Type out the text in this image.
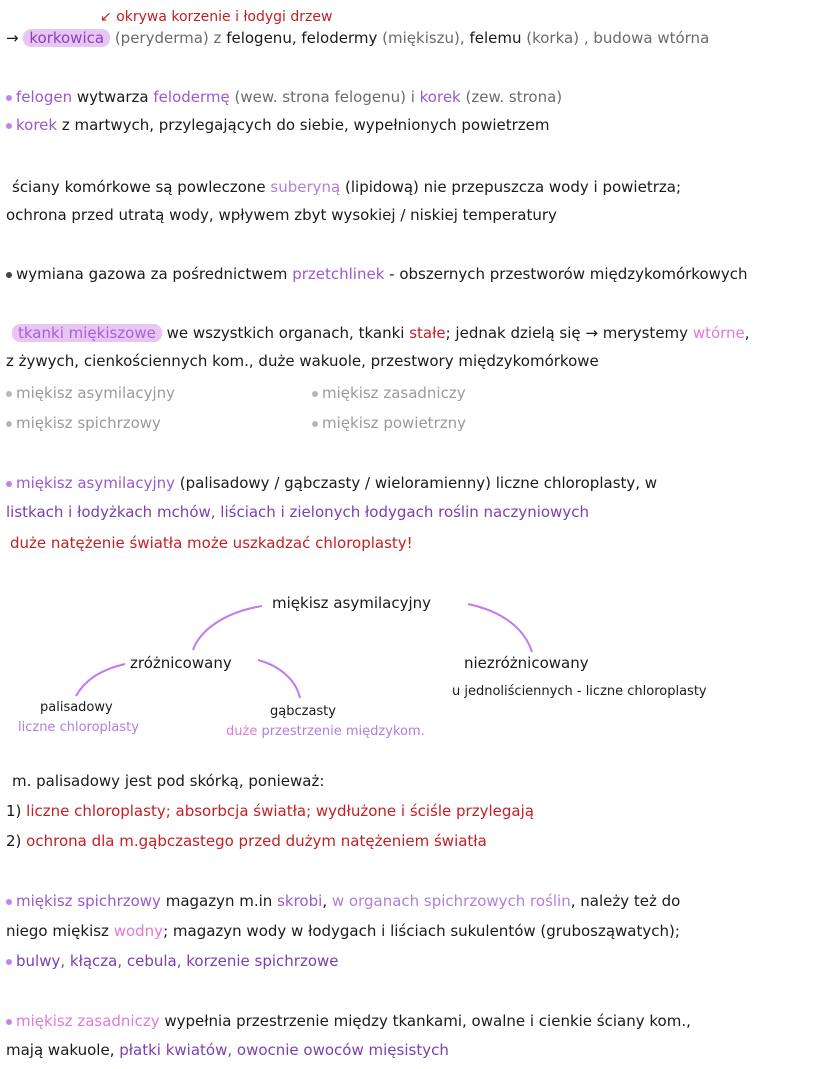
↙ okrywa korzenie i łodygi drzew
→ korkowica (peryderma) z felogenu, felodermy (miękiszu), felemu (korka) , budowa wtórna
felogen wytwarza felodermę (wew. strona felogenu) i korek (zew. strona)
korek z martwych, przylegających do siebie, wypełnionych powietrzem
ściany komórkowe są powleczone suberyną (lipidową) nie przepuszcza wody i powietrza;
ochrona przed utratą wody, wpływem zbyt wysokiej / niskiej temperatury
wymiana gazowa za pośrednictwem przetchlinek - obszernych przestworów międzykomórkowych
tkanki miękiszowe we wszystkich organach, tkanki stałe; jednak dzielą się → merystemy wtórne,
z żywych, cienkościennych kom., duże wakuole, przestwory międzykomórkowe
miękisz asymilacyjny	miękisz zasadniczy
miękisz spichrzowy	miękisz powietrzny
miękisz asymilacyjny (palisadowy / gąbczasty / wieloramienny) liczne chloroplasty, w
listkach i łodyżkach mchów, liściach i zielonych łodygach roślin naczyniowych
duże natężenie światła może uszkadzać chloroplasty!
miękisz asymilacyjny
zróżnicowany	niezróżnicowany
u jednoliściennych - liczne chloroplasty
palisadowy
liczne chloroplasty
gąbczasty
duże przestrzenie międzykom.
m. palisadowy jest pod skórką, ponieważ:
1) liczne chloroplasty; absorbcja światła; wydłużone i ściśle przylegają
2) ochrona dla m.gąbczastego przed dużym natężeniem światła
miękisz spichrzowy magazyn m.in skrobi, w organach spichrzowych roślin, należy też do
niego miękisz wodny; magazyn wody w łodygach i liściach sukulentów (grubosząwatych);
bulwy, kłącza, cebula, korzenie spichrzowe
miękisz zasadniczy wypełnia przestrzenie między tkankami, owalne i cienkie ściany kom.,
mają wakuole, płatki kwiatów, owocnie owoców mięsistych
